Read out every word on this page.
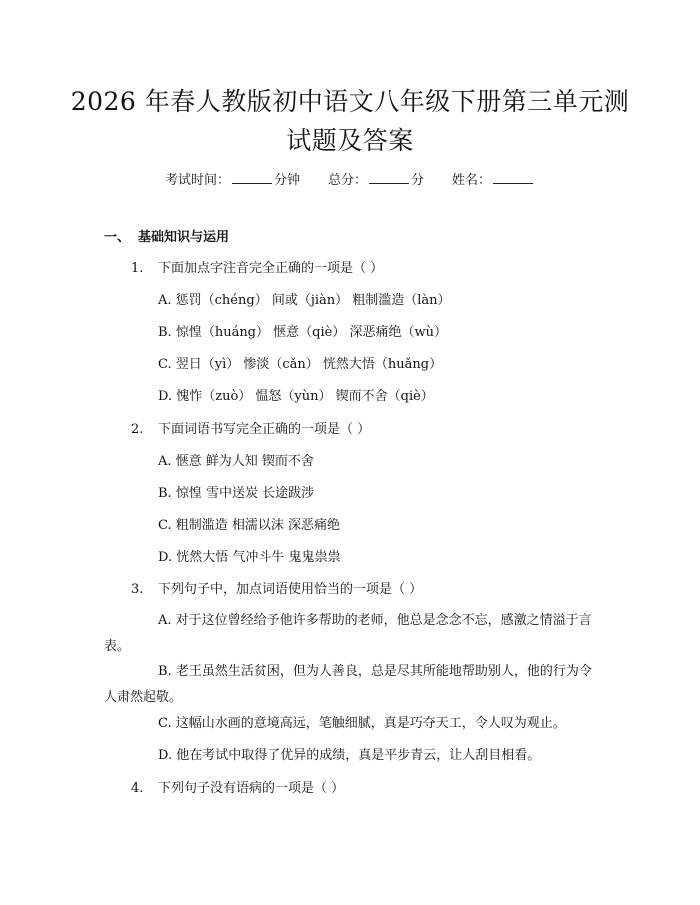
2026 年春人教版初中语文八年级下册第三单元测试题及答案
考试时间：	分钟 总分：	分 姓名：
一、 基础知识与运用
1. 下面加点字注音完全正确的一项是（ ）
A. 惩罚（chéng） 间或（jiàn） 粗制滥造（làn）
B. 惊惶（huáng） 惬意（qiè） 深恶痛绝（wù）
C. 翌日（yì） 惨淡（cǎn） 恍然大悟（huǎng）
D. 愧怍（zuò） 愠怒（yùn） 锲而不舍（qiè）
2. 下面词语书写完全正确的一项是（ ）
A. 惬意 鲜为人知 锲而不舍
B. 惊惶 雪中送炭 长途跋涉
C. 粗制滥造 相濡以沫 深恶痛绝
D. 恍然大悟 气冲斗牛 鬼鬼祟祟
3. 下列句子中，加点词语使用恰当的一项是（ ）
A. 对于这位曾经给予他许多帮助的老师，他总是念念不忘，感激之情溢于言表。
B. 老王虽然生活贫困，但为人善良，总是尽其所能地帮助别人，他的行为令人肃然起敬。
C. 这幅山水画的意境高远，笔触细腻，真是巧夺天工，令人叹为观止。
D. 他在考试中取得了优异的成绩，真是平步青云，让人刮目相看。
4. 下列句子没有语病的一项是（ ）
